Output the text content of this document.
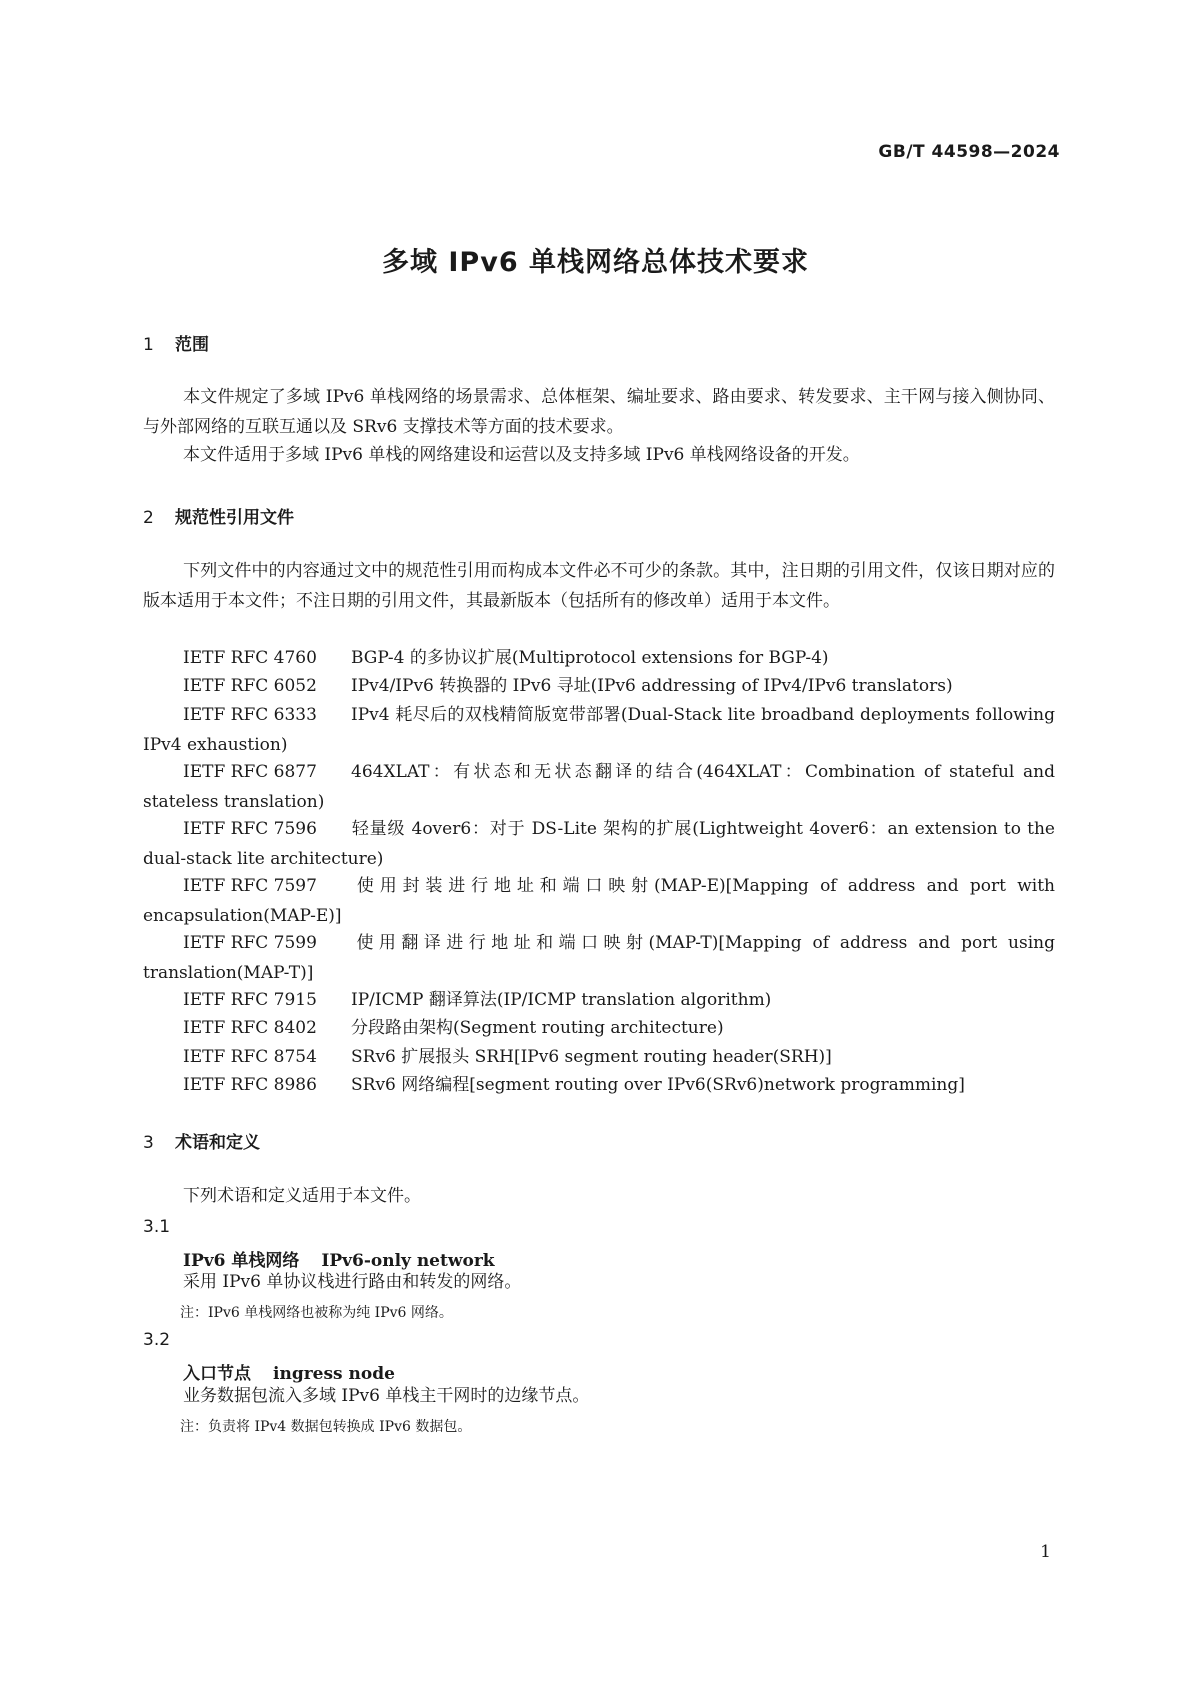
GB/T 44598—2024
多域 IPv6 单栈网络总体技术要求
1 范围
本文件规定了多域 IPv6 单栈网络的场景需求、总体框架、编址要求、路由要求、转发要求、主干网与接入侧协同、与外部网络的互联互通以及 SRv6 支撑技术等方面的技术要求。
本文件适用于多域 IPv6 单栈的网络建设和运营以及支持多域 IPv6 单栈网络设备的开发。
2 规范性引用文件
下列文件中的内容通过文中的规范性引用而构成本文件必不可少的条款。其中，注日期的引用文件，仅该日期对应的版本适用于本文件；不注日期的引用文件，其最新版本（包括所有的修改单）适用于本文件。
IETF RFC 4760 BGP-4 的多协议扩展(Multiprotocol extensions for BGP-4)
IETF RFC 6052 IPv4/IPv6 转换器的 IPv6 寻址(IPv6 addressing of IPv4/IPv6 translators)
IETF RFC 6333 IPv4 耗尽后的双栈精简版宽带部署(Dual-Stack lite broadband deployments following IPv4 exhaustion)
IETF RFC 6877 464XLAT：有状态和无状态翻译的结合(464XLAT：Combination of stateful and stateless translation)
IETF RFC 7596 轻量级 4over6：对于 DS-Lite 架构的扩展(Lightweight 4over6：an extension to the dual-stack lite architecture)
IETF RFC 7597 使用封装进行地址和端口映射(MAP-E)[Mapping of address and port with encapsulation(MAP-E)]
IETF RFC 7599 使用翻译进行地址和端口映射(MAP-T)[Mapping of address and port using translation(MAP-T)]
IETF RFC 7915 IP/ICMP 翻译算法(IP/ICMP translation algorithm)
IETF RFC 8402 分段路由架构(Segment routing architecture)
IETF RFC 8754 SRv6 扩展报头 SRH[IPv6 segment routing header(SRH)]
IETF RFC 8986 SRv6 网络编程[segment routing over IPv6(SRv6)network programming]
3 术语和定义
下列术语和定义适用于本文件。
3.1
IPv6 单栈网络 IPv6-only network
采用 IPv6 单协议栈进行路由和转发的网络。
注：IPv6 单栈网络也被称为纯 IPv6 网络。
3.2
入口节点 ingress node
业务数据包流入多域 IPv6 单栈主干网时的边缘节点。
注：负责将 IPv4 数据包转换成 IPv6 数据包。
1
